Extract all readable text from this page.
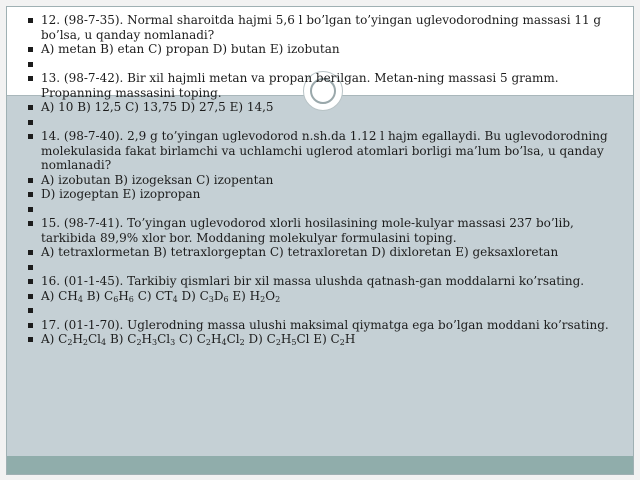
12. (98-7-35). Normal sharoitda hajmi 5,6 l bo’lgan to’yingan uglevodorodning massasi 11 g bo’lsa, u qanday nomlanadi?
A) metan B) etan C) propan D) butan E) izobutan

13. (98-7-42). Bir xil hajmli metan va propan berilgan. Metan-ning massasi 5 gramm. Propanning massasini toping.
A) 10 B) 12,5 C) 13,75 D) 27,5 E) 14,5

14. (98-7-40). 2,9 g to’yingan uglevodorod n.sh.da 1.12 l hajm egallaydi. Bu uglevodorodning molekulasida fakat birlamchi va uchlamchi uglerod atomlari borligi ma’lum bo’lsa, u qanday nomlanadi?
A) izobutan B) izogeksan C) izopentan
D) izogeptan E) izopropan

15. (98-7-41). To’yingan uglevodorod xlorli hosilasining mole-kulyar massasi 237 bo’lib, tarkibida 89,9% xlor bor. Moddaning molekulyar formulasini toping.
A) tetraxlormetan B) tetraxlorgeptan C) tetraxloretan D) dixloretan E) geksaxloretan

16. (01-1-45). Tarkibiy qismlari bir xil massa ulushda qatnash-gan moddalarni ko’rsating.
A) $CH_4$ B) $C_6H_6$ C) $CT_4$ D) $C_3D_6$ E) $H_2O_2$

17. (01-1-70). Uglerodning massa ulushi maksimal qiymatga ega bo’lgan moddani ko’rsating.
A) $C_2H_2Cl_4$ B) $C_2H_3Cl_3$ C) $C_2H_4Cl_2$ D) $C_2H_5Cl$ E) $C_2H$
